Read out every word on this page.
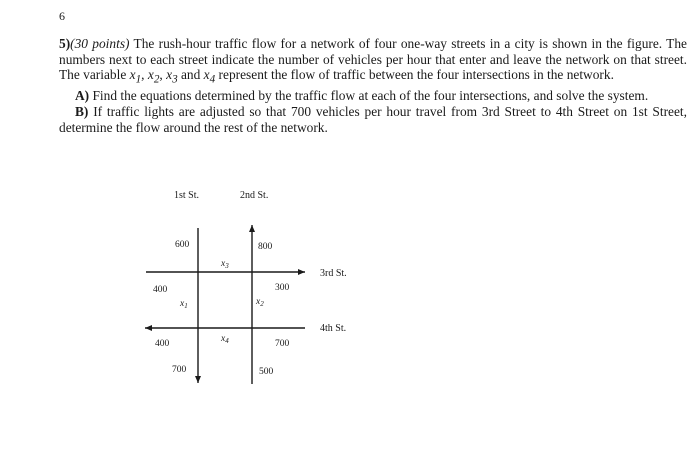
6

5)(30 points) The rush-hour traffic flow for a network of four one-way streets in a city is shown in the figure. The numbers next to each street indicate the number of vehicles per hour that enter and leave the network on that street. The variable $x_1$, $x_2$, $x_3$ and $x_4$ represent the flow of traffic between the four intersections in the network.

A) Find the equations determined by the traffic flow at each of the four intersections, and solve the system.

B) If traffic lights are adjusted so that 700 vehicles per hour travel from 3rd Street to 4th Street on 1st Street, determine the flow around the rest of the network.

1st St.	2nd St.
3rd St.
4th St.
600	800
400	300
400	700
700	500
$x_3$
$x_1$	$x_2$
$x_4$
